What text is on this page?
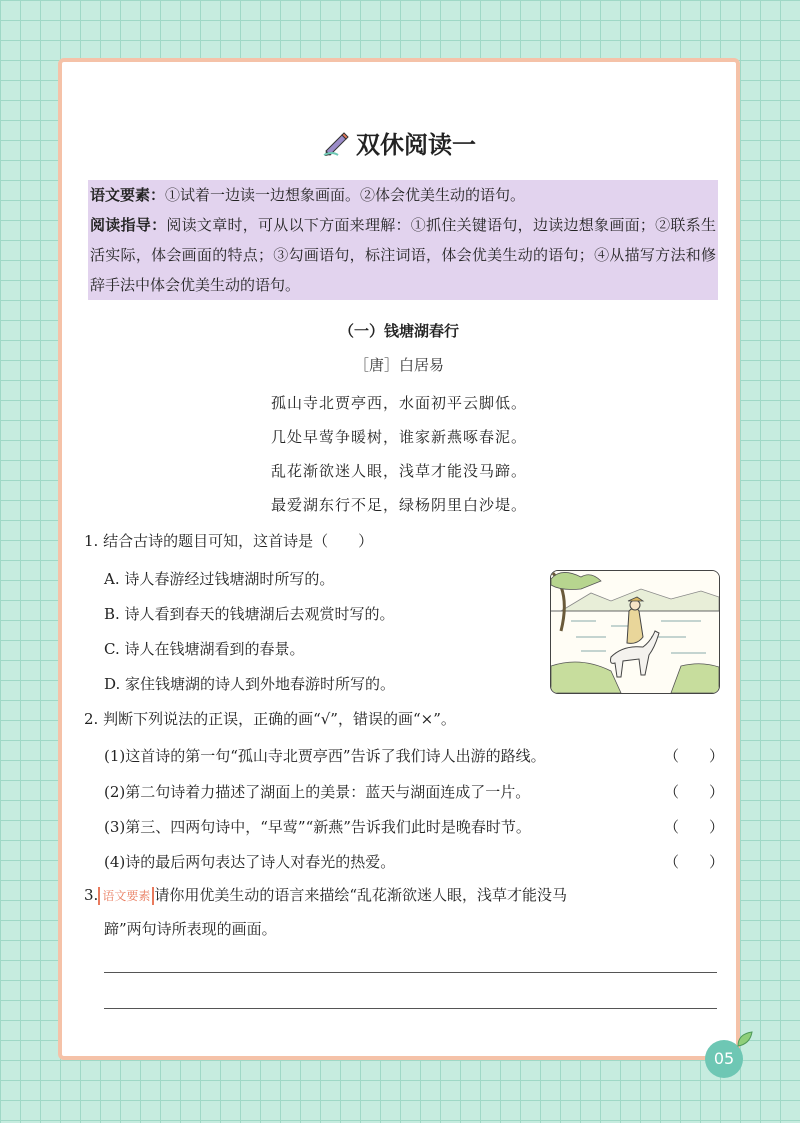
双休阅读一

语文要素：①试着一边读一边想象画面。②体会优美生动的语句。

阅读指导：阅读文章时，可从以下方面来理解：①抓住关键语句，边读边想象画面；②联系生活实际，体会画面的特点；③勾画语句，标注词语，体会优美生动的语句；④从描写方法和修辞手法中体会优美生动的语句。

（一）钱塘湖春行
［唐］白居易
孤山寺北贾亭西，水面初平云脚低。
几处早莺争暖树，谁家新燕啄春泥。
乱花渐欲迷人眼，浅草才能没马蹄。
最爱湖东行不足，绿杨阴里白沙堤。
1. 结合古诗的题目可知，这首诗是（　　）
A. 诗人春游经过钱塘湖时所写的。
B. 诗人看到春天的钱塘湖后去观赏时写的。
C. 诗人在钱塘湖看到的春景。
D. 家住钱塘湖的诗人到外地春游时所写的。
2. 判断下列说法的正误，正确的画“√”，错误的画“×”。
(1)这首诗的第一句“孤山寺北贾亭西”告诉了我们诗人出游的路线。	（　　）
(2)第二句诗着力描述了湖面上的美景：蓝天与湖面连成了一片。	（　　）
(3)第三、四两句诗中，“早莺”“新燕”告诉我们此时是晚春时节。	（　　）
(4)诗的最后两句表达了诗人对春光的热爱。	（　　）
3. 语文要素 请你用优美生动的语言来描绘“乱花渐欲迷人眼，浅草才能没马
蹄”两句诗所表现的画面。
05
